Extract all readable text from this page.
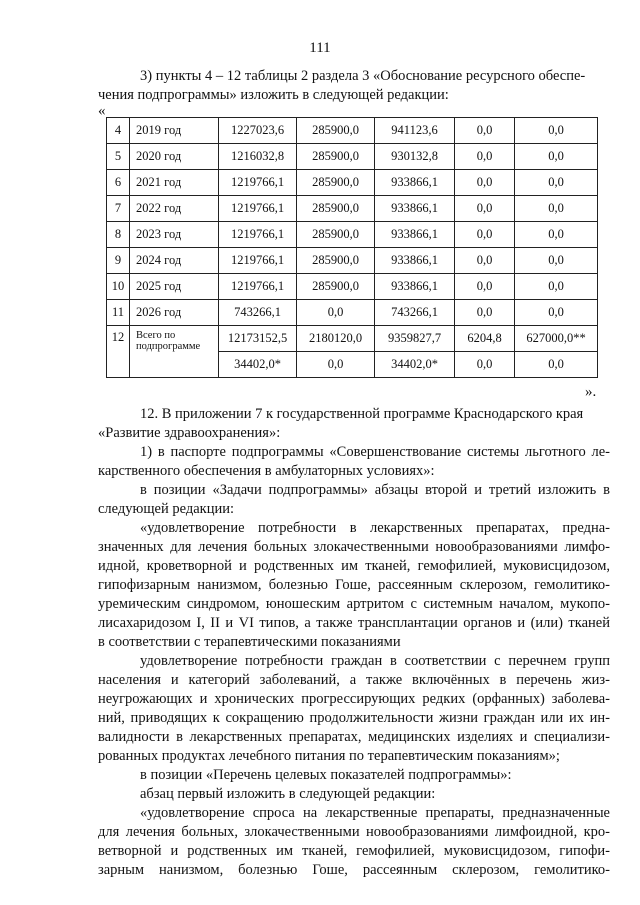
111
3) пункты 4 – 12 таблицы 2 раздела 3 «Обоснование ресурсного обеспе-
чения подпрограммы» изложить в следующей редакции:
«
4	2019 год	1227023,6	285900,0	941123,6	0,0	0,0
5	2020 год	1216032,8	285900,0	930132,8	0,0	0,0
6	2021 год	1219766,1	285900,0	933866,1	0,0	0,0
7	2022 год	1219766,1	285900,0	933866,1	0,0	0,0
8	2023 год	1219766,1	285900,0	933866,1	0,0	0,0
9	2024 год	1219766,1	285900,0	933866,1	0,0	0,0
10	2025 год	1219766,1	285900,0	933866,1	0,0	0,0
11	2026 год	743266,1	0,0	743266,1	0,0	0,0
12	Всего по
подпрограмме	12173152,5	2180120,0	9359827,7	6204,8	627000,0**
		34402,0*	0,0	34402,0*	0,0	0,0
».
12. В приложении 7 к государственной программе Краснодарского края
«Развитие здравоохранения»:
1) в паспорте подпрограммы «Совершенствование системы льготного ле-
карственного обеспечения в амбулаторных условиях»:
в позиции «Задачи подпрограммы» абзацы второй и третий изложить в
следующей редакции:
«удовлетворение потребности в лекарственных препаратах, предна-
значенных для лечения больных злокачественными новообразованиями лимфо-
идной, кроветворной и родственных им тканей, гемофилией, муковисцидозом,
гипофизарным нанизмом, болезнью Гоше, рассеянным склерозом, гемолитико-
уремическим синдромом, юношеским артритом с системным началом, мукопо-
лисахаридозом I, II и VI типов, а также трансплантации органов и (или) тканей
в соответствии с терапевтическими показаниями
удовлетворение потребности граждан в соответствии с перечнем групп
населения и категорий заболеваний, а также включённых в перечень жиз-
неугрожающих и хронических прогрессирующих редких (орфанных) заболева-
ний, приводящих к сокращению продолжительности жизни граждан или их ин-
валидности в лекарственных препаратах, медицинских изделиях и специализи-
рованных продуктах лечебного питания по терапевтическим показаниям»;
в позиции «Перечень целевых показателей подпрограммы»:
абзац первый изложить в следующей редакции:
«удовлетворение спроса на лекарственные препараты, предназначенные
для лечения больных, злокачественными новообразованиями лимфоидной, кро-
ветворной и родственных им тканей, гемофилией, муковисцидозом, гипофи-
зарным нанизмом, болезнью Гоше, рассеянным склерозом, гемолитико-
